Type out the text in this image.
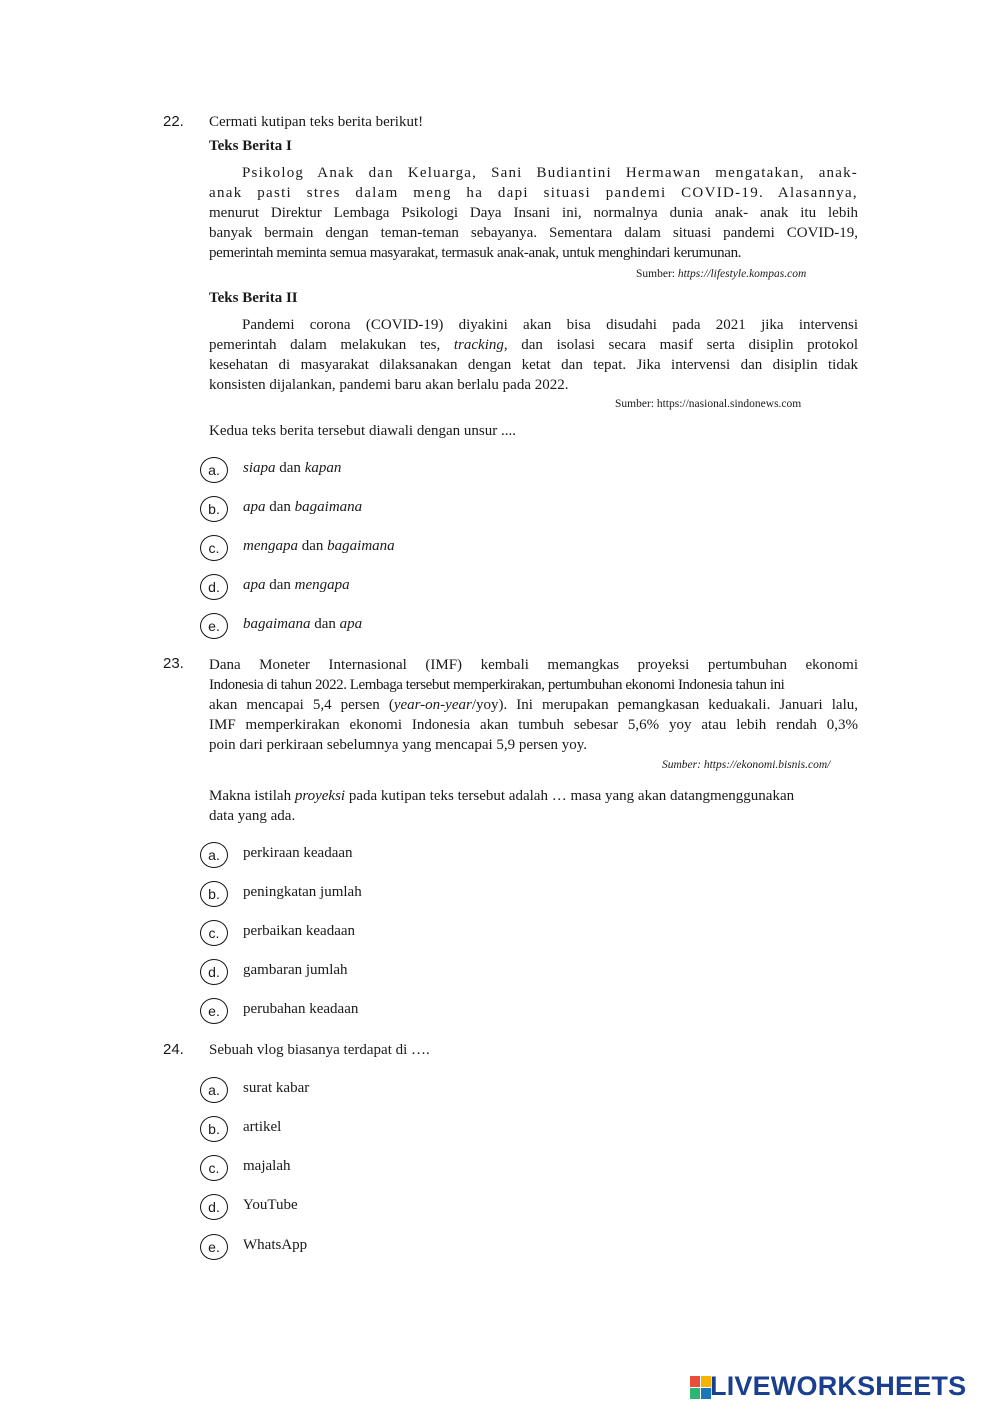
22. Cermati kutipan teks berita berikut!
Teks Berita I
Psikolog Anak dan Keluarga, Sani Budiantini Hermawan mengatakan, anak-
anak pasti stres dalam meng ha dapi situasi pandemi COVID-19. Alasannya,
menurut Direktur Lembaga Psikologi Daya Insani ini, normalnya dunia anak- anak itu lebih
banyak bermain dengan teman-teman sebayanya. Sementara dalam situasi pandemi COVID-19,
pemerintah meminta semua masyarakat, termasuk anak-anak, untuk menghindari kerumunan.
Sumber: https://lifestyle.kompas.com
Teks Berita II
Pandemi corona (COVID-19) diyakini akan bisa disudahi pada 2021 jika intervensi
pemerintah dalam melakukan tes, tracking, dan isolasi secara masif serta disiplin protokol
kesehatan di masyarakat dilaksanakan dengan ketat dan tepat. Jika intervensi dan disiplin tidak
konsisten dijalankan, pandemi baru akan berlalu pada 2022.
Sumber: https://nasional.sindonews.com
Kedua teks berita tersebut diawali dengan unsur ....
a.	siapa dan kapan
b.	apa dan bagaimana
c.	mengapa dan bagaimana
d.	apa dan mengapa
e.	bagaimana dan apa
23. Dana Moneter Internasional (IMF) kembali memangkas proyeksi pertumbuhan ekonomi
Indonesia di tahun 2022. Lembaga tersebut memperkirakan, pertumbuhan ekonomi Indonesia tahun ini
akan mencapai 5,4 persen (year-on-year/yoy). Ini merupakan pemangkasan keduakali. Januari lalu,
IMF memperkirakan ekonomi Indonesia akan tumbuh sebesar 5,6% yoy atau lebih rendah 0,3%
poin dari perkiraan sebelumnya yang mencapai 5,9 persen yoy.
Sumber: https://ekonomi.bisnis.com/
Makna istilah proyeksi pada kutipan teks tersebut adalah … masa yang akan datangmenggunakan
data yang ada.
a.	perkiraan keadaan
b.	peningkatan jumlah
c.	perbaikan keadaan
d.	gambaran jumlah
e.	perubahan keadaan
24. Sebuah vlog biasanya terdapat di ….
a.	surat kabar
b.	artikel
c.	majalah
d.	YouTube
e.	WhatsApp
LIVEWORKSHEETS
